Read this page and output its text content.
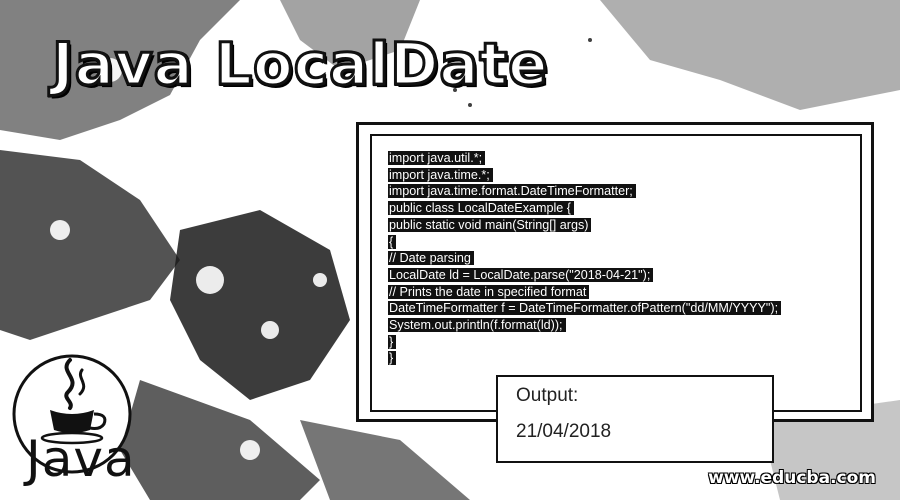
Java LocalDate
import java.util.*;
import java.time.*;
import java.time.format.DateTimeFormatter;
public class LocalDateExample {
public static void main(String[] args)
{
// Date parsing
LocalDate ld = LocalDate.parse("2018-04-21");
// Prints the date in specified format
DateTimeFormatter f = DateTimeFormatter.ofPattern("dd/MM/YYYY");
System.out.println(f.format(ld));
}
}
Output:
21/04/2018
Java	www.educba.com
